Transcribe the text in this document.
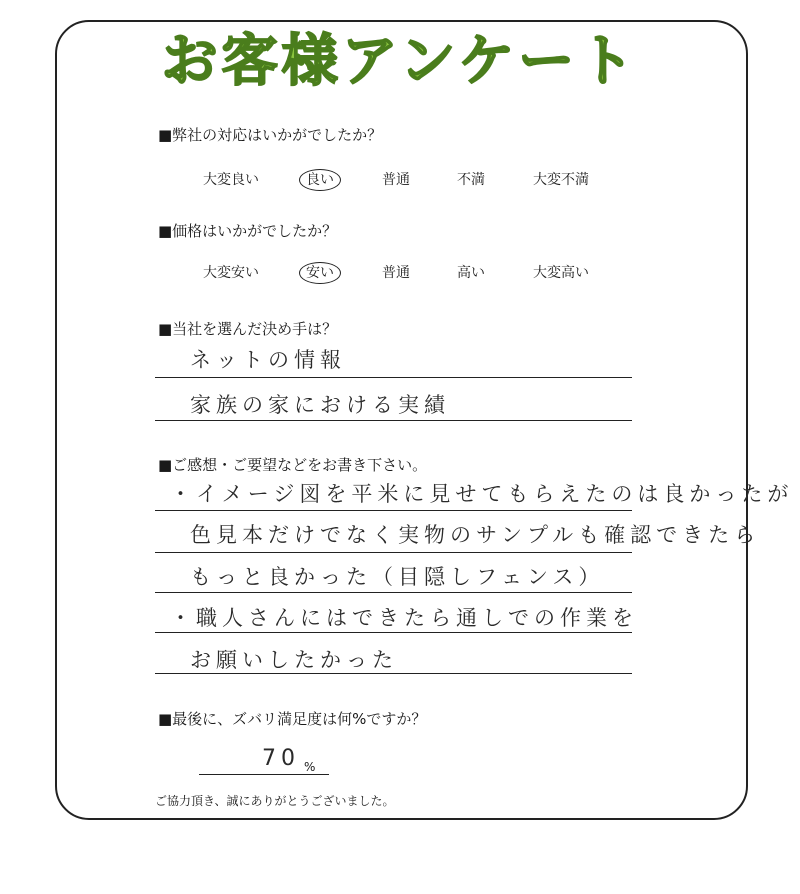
お客様アンケート
■弊社の対応はいかがでしたか？
大変良い	良い	普通	不満	大変不満
■価格はいかがでしたか？
大変安い	安い	普通	高い	大変高い
■当社を選んだ決め手は？
ネットの情報
家族の家における実績
■ご感想・ご要望などをお書き下さい。
・イメージ図を平米に見せてもらえたのは良かったが
色見本だけでなく実物のサンプルも確認できたら
もっと良かった（目隠しフェンス）
・職人さんにはできたら通しでの作業を
お願いしたかった
■最後に、ズバリ満足度は何%ですか？
70 %
ご協力頂き、誠にありがとうございました。
